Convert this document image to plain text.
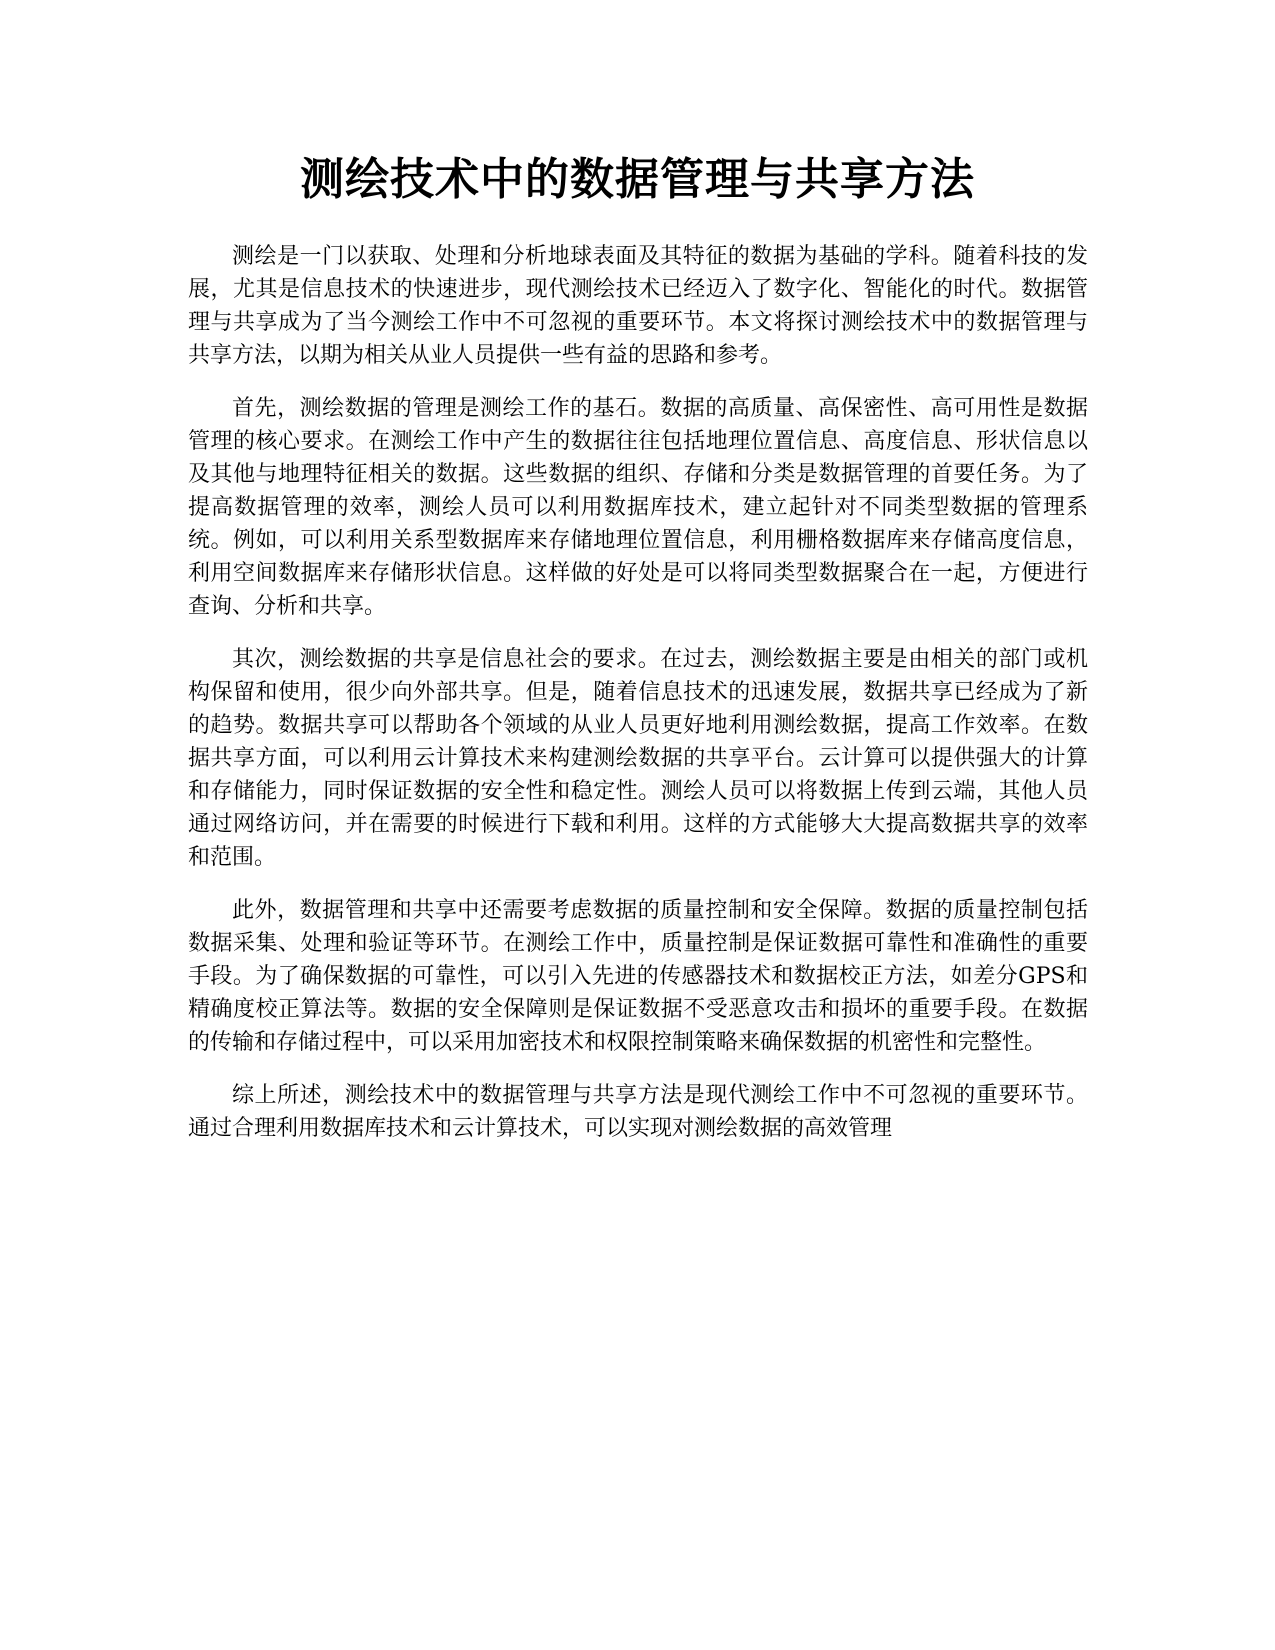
测绘技术中的数据管理与共享方法

测绘是一门以获取、处理和分析地球表面及其特征的数据为基础的学科。随着科技的发展，尤其是信息技术的快速进步，现代测绘技术已经迈入了数字化、智能化的时代。数据管理与共享成为了当今测绘工作中不可忽视的重要环节。本文将探讨测绘技术中的数据管理与共享方法，以期为相关从业人员提供一些有益的思路和参考。

首先，测绘数据的管理是测绘工作的基石。数据的高质量、高保密性、高可用性是数据管理的核心要求。在测绘工作中产生的数据往往包括地理位置信息、高度信息、形状信息以及其他与地理特征相关的数据。这些数据的组织、存储和分类是数据管理的首要任务。为了提高数据管理的效率，测绘人员可以利用数据库技术，建立起针对不同类型数据的管理系统。例如，可以利用关系型数据库来存储地理位置信息，利用栅格数据库来存储高度信息，利用空间数据库来存储形状信息。这样做的好处是可以将同类型数据聚合在一起，方便进行查询、分析和共享。

其次，测绘数据的共享是信息社会的要求。在过去，测绘数据主要是由相关的部门或机构保留和使用，很少向外部共享。但是，随着信息技术的迅速发展，数据共享已经成为了新的趋势。数据共享可以帮助各个领域的从业人员更好地利用测绘数据，提高工作效率。在数据共享方面，可以利用云计算技术来构建测绘数据的共享平台。云计算可以提供强大的计算和存储能力，同时保证数据的安全性和稳定性。测绘人员可以将数据上传到云端，其他人员通过网络访问，并在需要的时候进行下载和利用。这样的方式能够大大提高数据共享的效率和范围。

此外，数据管理和共享中还需要考虑数据的质量控制和安全保障。数据的质量控制包括数据采集、处理和验证等环节。在测绘工作中，质量控制是保证数据可靠性和准确性的重要手段。为了确保数据的可靠性，可以引入先进的传感器技术和数据校正方法，如差分GPS和精确度校正算法等。数据的安全保障则是保证数据不受恶意攻击和损坏的重要手段。在数据的传输和存储过程中，可以采用加密技术和权限控制策略来确保数据的机密性和完整性。

综上所述，测绘技术中的数据管理与共享方法是现代测绘工作中不可忽视的重要环节。通过合理利用数据库技术和云计算技术，可以实现对测绘数据的高效管理
